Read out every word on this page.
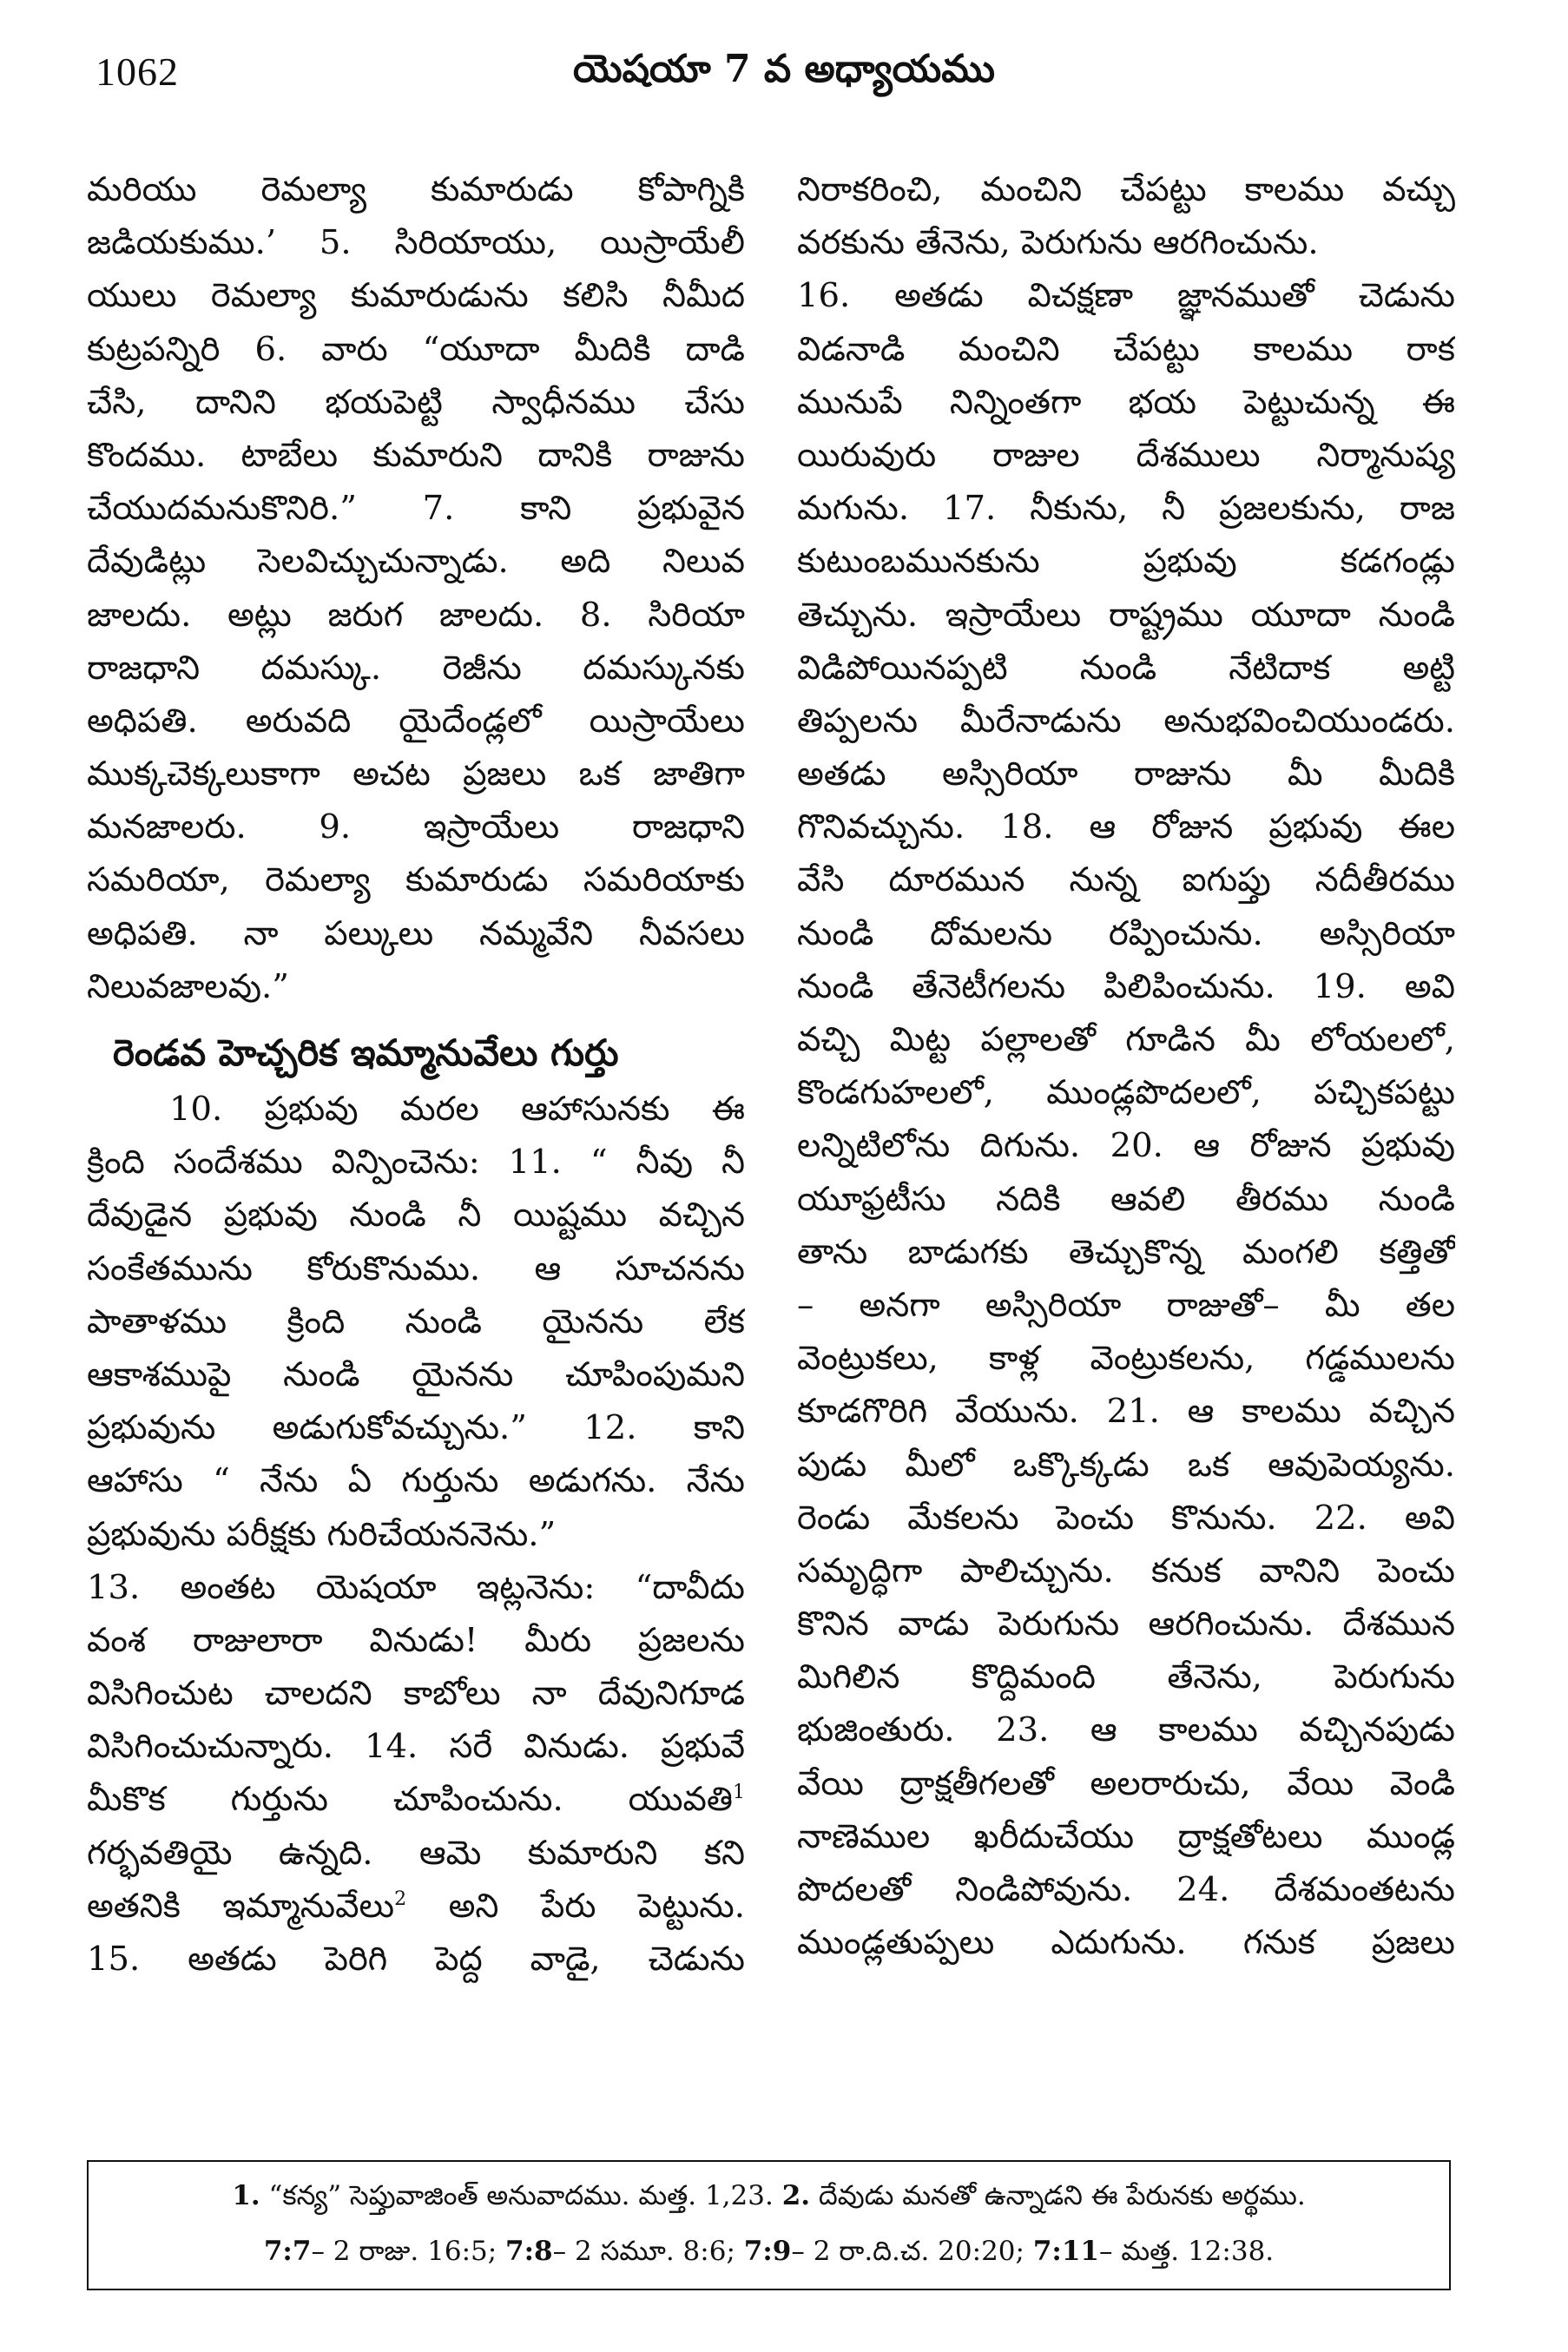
1062	యెషయా 7 వ అధ్యాయము
మరియు రెమల్యా కుమారుడు కోపాగ్నికి
జడియకుము.’ 5. సిరియాయు, యిస్రాయేలీ
యులు రెమల్యా కుమారుడును కలిసి నీమీద
కుట్రపన్నిరి 6. వారు “యూదా మీదికి దాడి
చేసి, దానిని భయపెట్టి స్వాధీనము చేసు
కొందము. టాబేలు కుమారుని దానికి రాజును
చేయుదమనుకొనిరి.” 7. కాని ప్రభువైన
దేవుడిట్లు సెలవిచ్చుచున్నాడు. అది నిలువ
జాలదు. అట్లు జరుగ జాలదు. 8. సిరియా
రాజధాని దమస్కు. రెజీను దమస్కునకు
అధిపతి. అరువది యైదేండ్లలో యిస్రాయేలు
ముక్కచెక్కలుకాగా అచట ప్రజలు ఒక జాతిగా
మనజాలరు. 9. ఇస్రాయేలు రాజధాని
సమరియా, రెమల్యా కుమారుడు సమరియాకు
అధిపతి. నా పల్కులు నమ్మవేని నీవసలు
నిలువజాలవు.”
రెండవ హెచ్చరిక ఇమ్మానువేలు గుర్తు
10. ప్రభువు మరల ఆహాసునకు ఈ
క్రింది సందేశము విన్పించెను: 11. “ నీవు నీ
దేవుడైన ప్రభువు నుండి నీ యిష్టము వచ్చిన
సంకేతమును కోరుకొనుము. ఆ సూచనను
పాతాళము క్రింది నుండి యైనను లేక
ఆకాశముపై నుండి యైనను చూపింపుమని
ప్రభువును అడుగుకోవచ్చును.” 12. కాని
ఆహాసు “ నేను ఏ గుర్తును అడుగను. నేను
ప్రభువును పరీక్షకు గురిచేయననెను.”
13. అంతట యెషయా ఇట్లనెను: “దావీదు
వంశ రాజులారా వినుడు! మీరు ప్రజలను
విసిగించుట చాలదని కాబోలు నా దేవునిగూడ
విసిగించుచున్నారు. 14. సరే వినుడు. ప్రభువే
మీకొక గుర్తును చూపించును. యువతి$^1$
గర్భవతియై ఉన్నది. ఆమె కుమారుని కని
అతనికి ఇమ్మానువేలు$^2$ అని పేరు పెట్టును.
15. అతడు పెరిగి పెద్ద వాడై, చెడును
నిరాకరించి, మంచిని చేపట్టు కాలము వచ్చు
వరకును తేనెను, పెరుగును ఆరగించును.
16. అతడు విచక్షణా జ్ఞానముతో చెడును
విడనాడి మంచిని చేపట్టు కాలము రాక
మునుపే నిన్నింతగా భయ పెట్టుచున్న ఈ
యిరువురు రాజుల దేశములు నిర్మానుష్య
మగును. 17. నీకును, నీ ప్రజలకును, రాజ
కుటుంబమునకును ప్రభువు కడగండ్లు
తెచ్చును. ఇస్రాయేలు రాష్ట్రము యూదా నుండి
విడిపోయినప్పటి నుండి నేటిదాక అట్టి
తిప్పలను మీరేనాడును అనుభవించియుండరు.
అతడు అస్సిరియా రాజును మీ మీదికి
గొనివచ్చును. 18. ఆ రోజున ప్రభువు ఈల
వేసి దూరమున నున్న ఐగుప్తు నదీతీరము
నుండి దోమలను రప్పించును. అస్సిరియా
నుండి తేనెటీగలను పిలిపించును. 19. అవి
వచ్చి మిట్ట పల్లాలతో గూడిన మీ లోయలలో,
కొండగుహలలో, ముండ్లపొదలలో, పచ్చికపట్టు
లన్నిటిలోను దిగును. 20. ఆ రోజున ప్రభువు
యూఫ్రటీసు నదికి ఆవలి తీరము నుండి
తాను బాడుగకు తెచ్చుకొన్న మంగలి కత్తితో
– అనగా అస్సిరియా రాజుతో– మీ తల
వెంట్రుకలు, కాళ్ల వెంట్రుకలను, గడ్డములను
కూడగొరిగి వేయును. 21. ఆ కాలము వచ్చిన
పుడు మీలో ఒక్కొక్కడు ఒక ఆవుపెయ్యను.
రెండు మేకలను పెంచు కొనును. 22. అవి
సమృద్ధిగా పాలిచ్చును. కనుక వానిని పెంచు
కొనిన వాడు పెరుగును ఆరగించును. దేశమున
మిగిలిన కొద్దిమంది తేనెను, పెరుగును
భుజింతురు. 23. ఆ కాలము వచ్చినపుడు
వేయి ద్రాక్షతీగలతో అలరారుచు, వేయి వెండి
నాణెముల ఖరీదుచేయు ద్రాక్షతోటలు ముండ్ల
పొదలతో నిండిపోవును. 24. దేశమంతటను
ముండ్లతుప్పలు ఎదుగును. గనుక ప్రజలు
1. “కన్య” సెప్తువాజింత్ అనువాదము. మత్త. 1,23. 2. దేవుడు మనతో ఉన్నాడని ఈ పేరునకు అర్థము.
7:7– 2 రాజు. 16:5; 7:8– 2 సమూ. 8:6; 7:9– 2 రా.ది.చ. 20:20; 7:11– మత్త. 12:38.
